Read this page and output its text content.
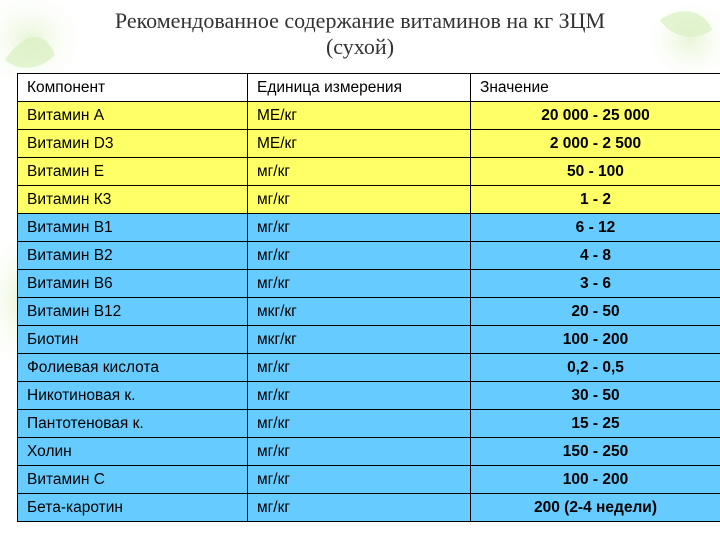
Рекомендованное содержание витаминов на кг ЗЦМ
(сухой)
Компонент	Единица измерения	Значение
Витамин А	МЕ/кг	20 000 - 25 000
Витамин D3	МЕ/кг	2 000 - 2 500
Витамин Е	мг/кг	50 - 100
Витамин К3	мг/кг	1 - 2
Витамин В1	мг/кг	6 - 12
Витамин В2	мг/кг	4 - 8
Витамин В6	мг/кг	3 - 6
Витамин В12	мкг/кг	20 - 50
Биотин	мкг/кг	100 - 200
Фолиевая кислота	мг/кг	0,2 - 0,5
Никотиновая к.	мг/кг	30 - 50
Пантотеновая к.	мг/кг	15 - 25
Холин	мг/кг	150 - 250
Витамин С	мг/кг	100 - 200
Бета-каротин	мг/кг	200 (2-4 недели)
